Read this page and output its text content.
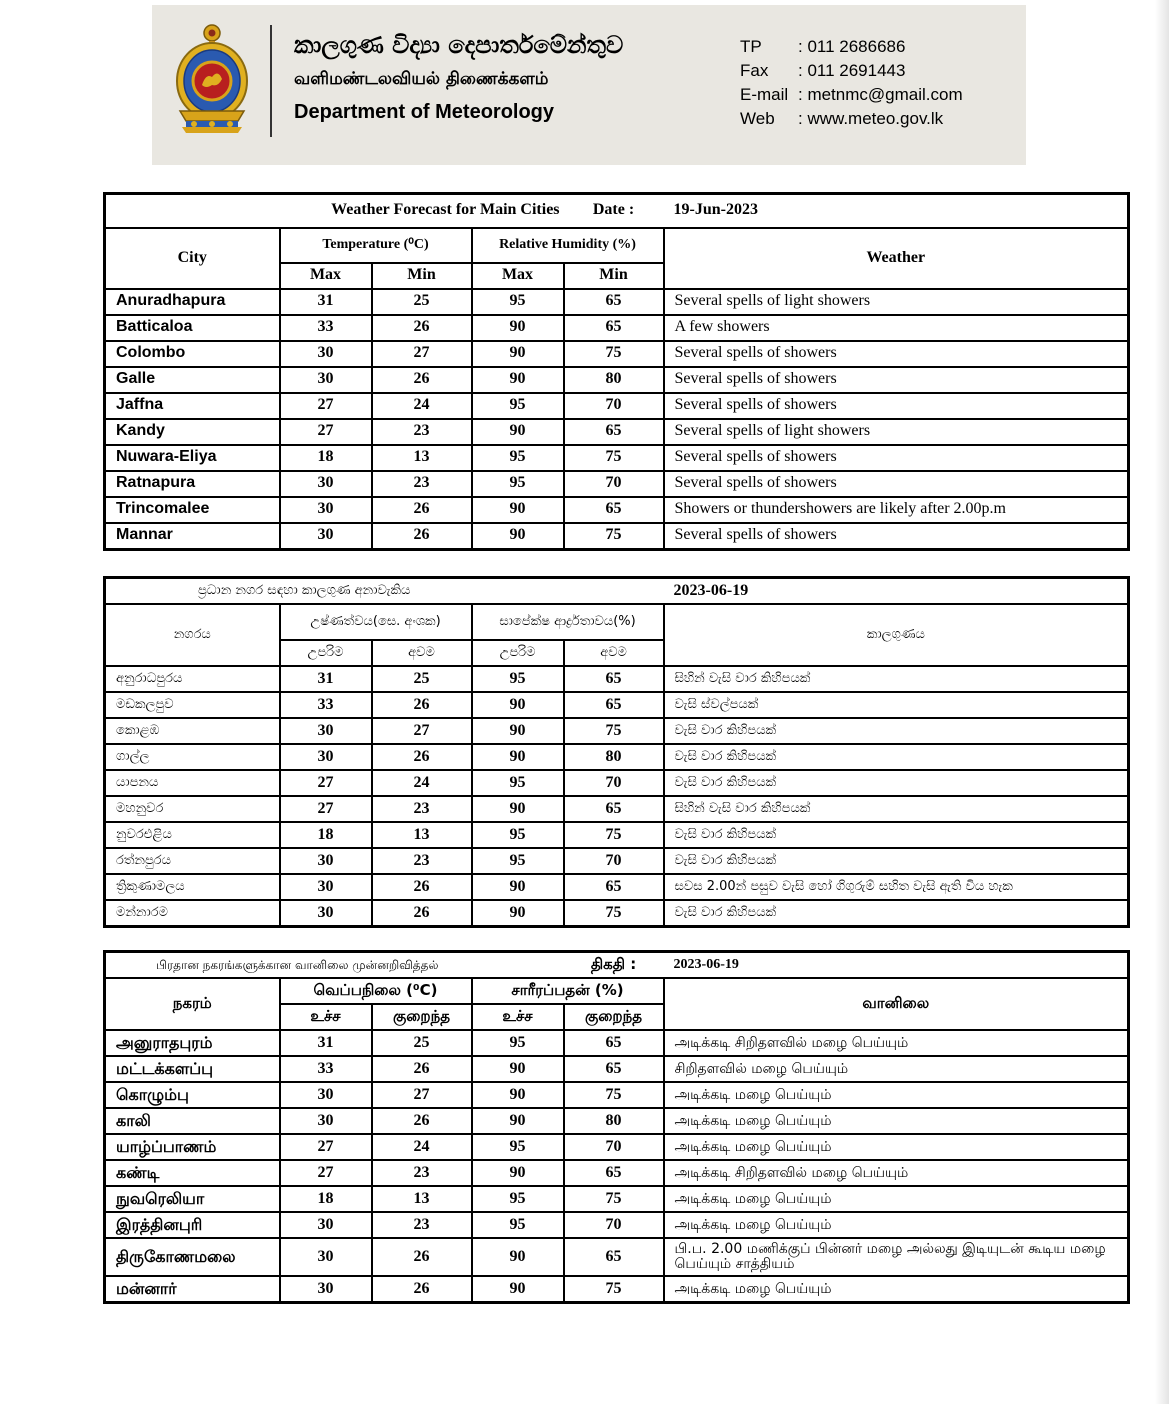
කාලගුණ විද්‍යා දෙපාර්තමේන්තුව
வளிமண்டலவியல் திணைக்களம்
Department of Meteorology
TP : 011 2686686
Fax : 011 2691443
E-mail : metnmc@gmail.com
Web : www.meteo.gov.lk
Weather Forecast for Main Cities				Date :	19-Jun-2023
City	Temperature (⁰C)		Relative Humidity (%)		Weather
	Max	Min	Max	Min	
Anuradhapura	31	25	95	65	Several spells of light showers
Batticaloa	33	26	90	65	A few showers
Colombo	30	27	90	75	Several spells of showers
Galle	30	26	90	80	Several spells of showers
Jaffna	27	24	95	70	Several spells of showers
Kandy	27	23	90	65	Several spells of light showers
Nuwara-Eliya	18	13	95	75	Several spells of showers
Ratnapura	30	23	95	70	Several spells of showers
Trincomalee	30	26	90	65	Showers or thundershowers are likely after 2.00p.m
Mannar	30	26	90	75	Several spells of showers
ප්‍රධාන නගර සඳහා කාලගුණ අනාවැකිය					2023-06-19
නගරය	උෂ්ණත්වය(සෙ. අංශක)		සාපේක්ෂ ආර්ද්‍රතාවය(%)		කාලගුණය
	උපරිම	අවම	උපරිම	අවම	
අනුරාධපුරය	31	25	95	65	සිහින් වැසි වාර කිහිපයක්
මඩකලපුව	33	26	90	65	වැසි ස්වල්පයක්
කොළඹ	30	27	90	75	වැසි වාර කිහිපයක්
ගාල්ල	30	26	90	80	වැසි වාර කිහිපයක්
යාපනය	27	24	95	70	වැසි වාර කිහිපයක්
මහනුවර	27	23	90	65	සිහින් වැසි වාර කිහිපයක්
නුවරඑළිය	18	13	95	75	වැසි වාර කිහිපයක්
රත්නපුරය	30	23	95	70	වැසි වාර කිහිපයක්
ත්‍රිකුණාමලය	30	26	90	65	සවස 2.00න් පසුව වැසි හෝ ගිගුරුම් සහිත වැසි ඇති විය හැක
මන්නාරම	30	26	90	75	වැසි වාර කිහිපයක්
பிரதான நகரங்களுக்கான வானிலை முன்னறிவித்தல்				திகதி :	2023-06-19
நகரம்	வெப்பநிலை (⁰C)		சாரீரப்பதன் (%)		வானிலை
	உச்ச	குறைந்த	உச்ச	குறைந்த	
அனுராதபுரம்	31	25	95	65	அடிக்கடி சிறிதளவில் மழை பெய்யும்
மட்டக்களப்பு	33	26	90	65	சிறிதளவில் மழை பெய்யும்
கொழும்பு	30	27	90	75	அடிக்கடி மழை பெய்யும்
காலி	30	26	90	80	அடிக்கடி மழை பெய்யும்
யாழ்ப்பாணம்	27	24	95	70	அடிக்கடி மழை பெய்யும்
கண்டி	27	23	90	65	அடிக்கடி சிறிதளவில் மழை பெய்யும்
நுவரெலியா	18	13	95	75	அடிக்கடி மழை பெய்யும்
இரத்தினபுரி	30	23	95	70	அடிக்கடி மழை பெய்யும்
திருகோணமலை	30	26	90	65	பி.ப. 2.00 மணிக்குப் பின்னர் மழை அல்லது இடியுடன் கூடிய மழை பெய்யும் சாத்தியம்
மன்னார்	30	26	90	75	அடிக்கடி மழை பெய்யும்
